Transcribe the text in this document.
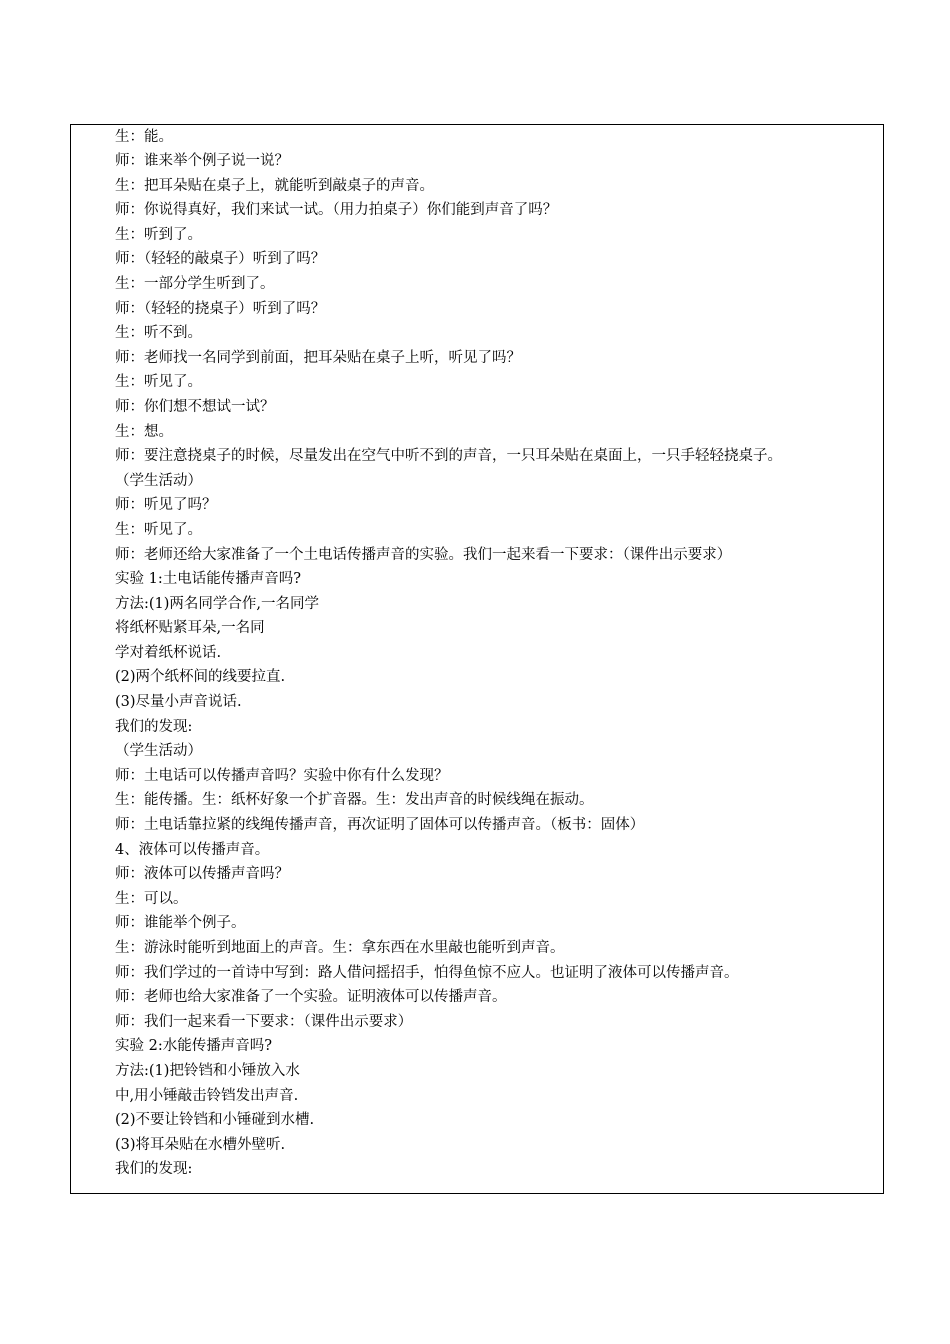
生：能。
师：谁来举个例子说一说？
生：把耳朵贴在桌子上，就能听到敲桌子的声音。
师：你说得真好，我们来试一试。（用力拍桌子）你们能到声音了吗？
生：听到了。
师：（轻轻的敲桌子）听到了吗？
生：一部分学生听到了。
师：（轻轻的挠桌子）听到了吗？
生：听不到。
师：老师找一名同学到前面，把耳朵贴在桌子上听，听见了吗？
生：听见了。
师：你们想不想试一试？
生：想。
师：要注意挠桌子的时候，尽量发出在空气中听不到的声音，一只耳朵贴在桌面上，一只手轻轻挠桌子。
（学生活动）
师：听见了吗？
生：听见了。
师：老师还给大家准备了一个土电话传播声音的实验。我们一起来看一下要求：（课件出示要求）
实验 1:土电话能传播声音吗?
方法:(1)两名同学合作,一名同学
将纸杯贴紧耳朵,一名同
学对着纸杯说话.
(2)两个纸杯间的线要拉直.
(3)尽量小声音说话.
我们的发现:
（学生活动）
师：土电话可以传播声音吗？实验中你有什么发现？
生：能传播。生：纸杯好象一个扩音器。生：发出声音的时候线绳在振动。
师：土电话靠拉紧的线绳传播声音，再次证明了固体可以传播声音。（板书：固体）
4、液体可以传播声音。
师：液体可以传播声音吗？
生：可以。
师：谁能举个例子。
生：游泳时能听到地面上的声音。生：拿东西在水里敲也能听到声音。
师：我们学过的一首诗中写到：路人借问摇招手，怕得鱼惊不应人。也证明了液体可以传播声音。
师：老师也给大家准备了一个实验。证明液体可以传播声音。
师：我们一起来看一下要求：（课件出示要求）
实验 2:水能传播声音吗?
方法:(1)把铃铛和小锤放入水
中,用小锤敲击铃铛发出声音.
(2)不要让铃铛和小锤碰到水槽.
(3)将耳朵贴在水槽外壁听.
我们的发现:
